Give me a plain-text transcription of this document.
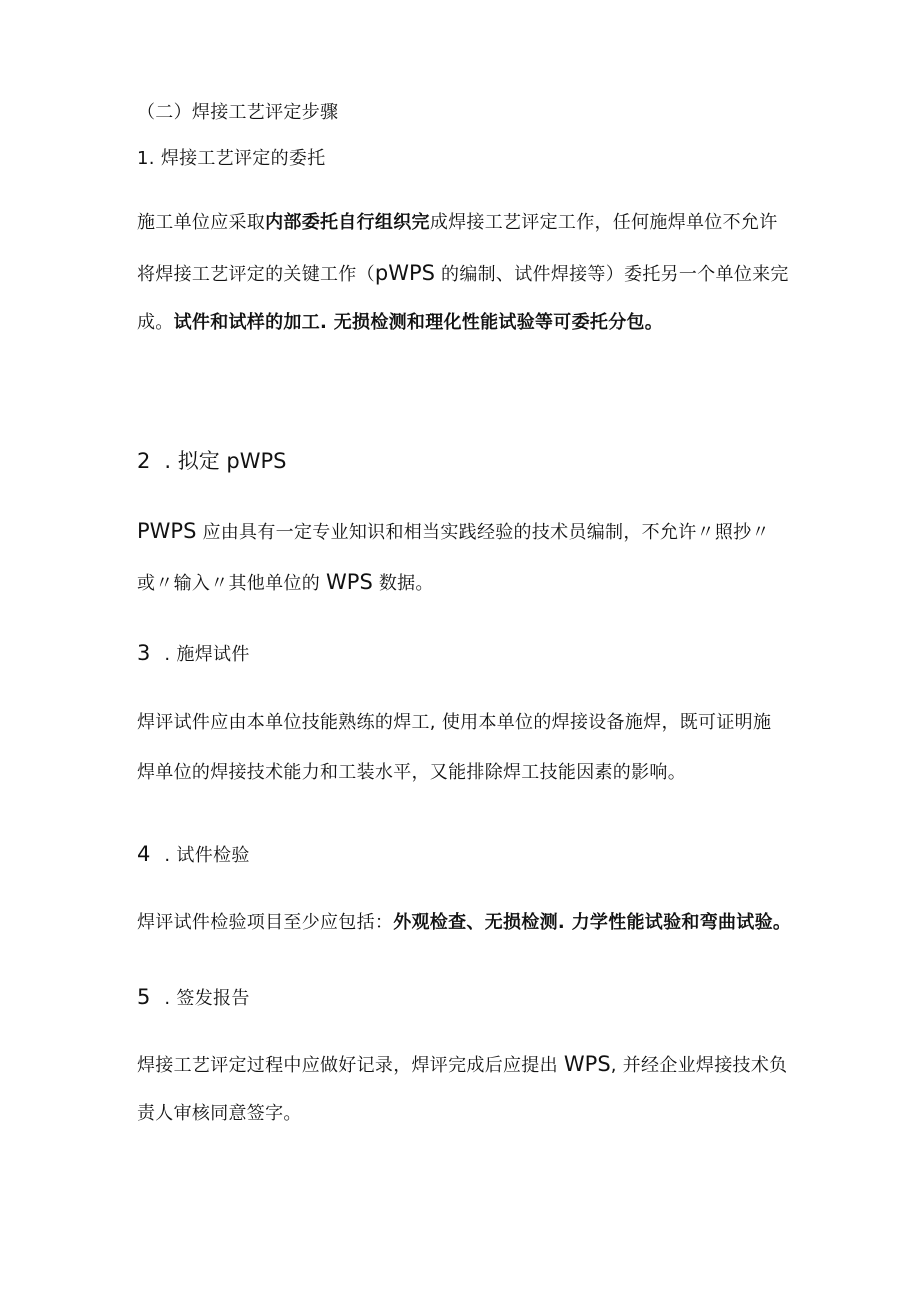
（二）焊接工艺评定步骤
1. 焊接工艺评定的委托
施工单位应采取内部委托自行组织完成焊接工艺评定工作，任何施焊单位不允许
将焊接工艺评定的关键工作（pWPS 的编制、试件焊接等）委托另一个单位来完
成。试件和试样的加工. 无损检测和理化性能试验等可委托分包。
2 . 拟定 pWPS
PWPS 应由具有一定专业知识和相当实践经验的技术员编制，不允许〃照抄〃
或〃输入〃其他单位的 WPS 数据。
3 . 施焊试件
焊评试件应由本单位技能熟练的焊工, 使用本单位的焊接设备施焊，既可证明施
焊单位的焊接技术能力和工装水平，又能排除焊工技能因素的影响。
4 . 试件检验
焊评试件检验项目至少应包括：外观检查、无损检测. 力学性能试验和弯曲试验。
5 . 签发报告
焊接工艺评定过程中应做好记录，焊评完成后应提出 WPS, 并经企业焊接技术负
责人审核同意签字。
